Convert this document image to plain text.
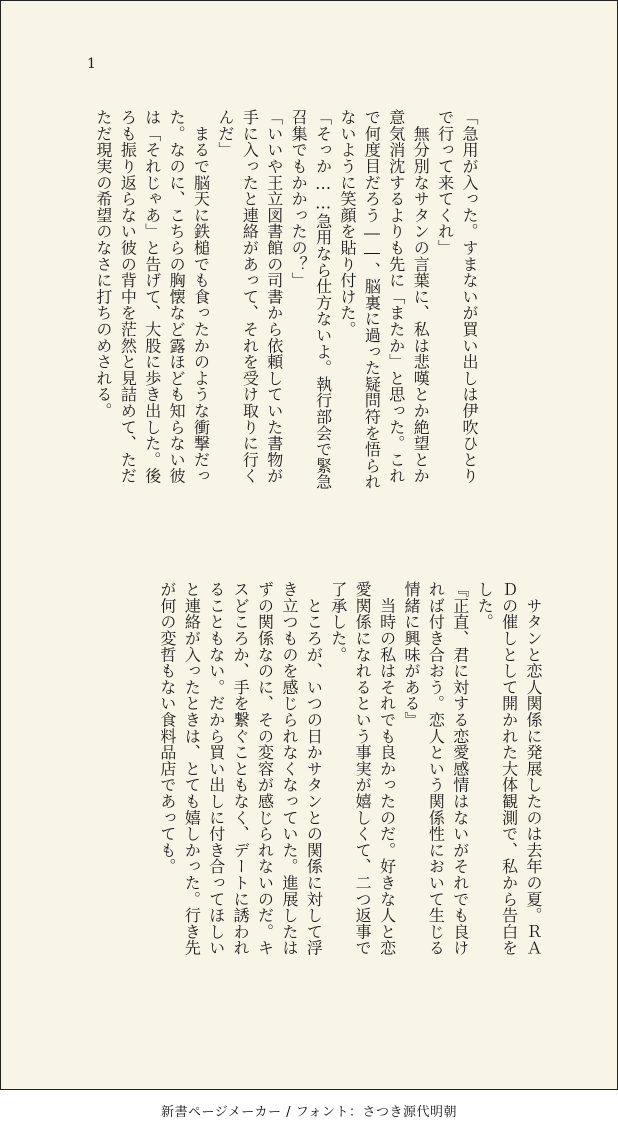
1
「急用が入った。すまないが買い出しは伊吹ひとり
で行って来てくれ」
　無分別なサタンの言葉に、私は悲嘆とか絶望とか
意気消沈するよりも先に「またか」と思った。これ
で何度目だろう――、脳裏に過った疑問符を悟られ
ないように笑顔を貼り付けた。
「そっか……急用なら仕方ないよ。執行部会で緊急
召集でもかかったの？」
「いいや王立図書館の司書から依頼していた書物が
手に入ったと連絡があって、それを受け取りに行く
んだ」
　まるで脳天に鉄槌でも食ったかのような衝撃だっ
た。なのに、こちらの胸懐など露ほども知らない彼
は「それじゃあ」と告げて、大股に歩き出した。後
ろも振り返らない彼の背中を茫然と見詰めて、ただ
ただ現実の希望のなさに打ちのめされる。
　サタンと恋人関係に発展したのは去年の夏。ＲＡ
Ｄの催しとして開かれた大体観測で、私から告白を
した。
『正直、君に対する恋愛感情はないがそれでも良け
れば付き合おう。恋人という関係性において生じる
情緒に興味がある』
　当時の私はそれでも良かったのだ。好きな人と恋
愛関係になれるという事実が嬉しくて、二つ返事で
了承した。
　ところが、いつの日かサタンとの関係に対して浮
き立つものを感じられなくなっていた。進展したは
ずの関係なのに、その変容が感じられないのだ。キ
スどころか、手を繋ぐこともなく、デートに誘われ
ることもない。だから買い出しに付き合ってほしい
と連絡が入ったときは、とても嬉しかった。行き先
が何の変哲もない食料品店であっても。
新書ページメーカー / フォント：さつき源代明朝
